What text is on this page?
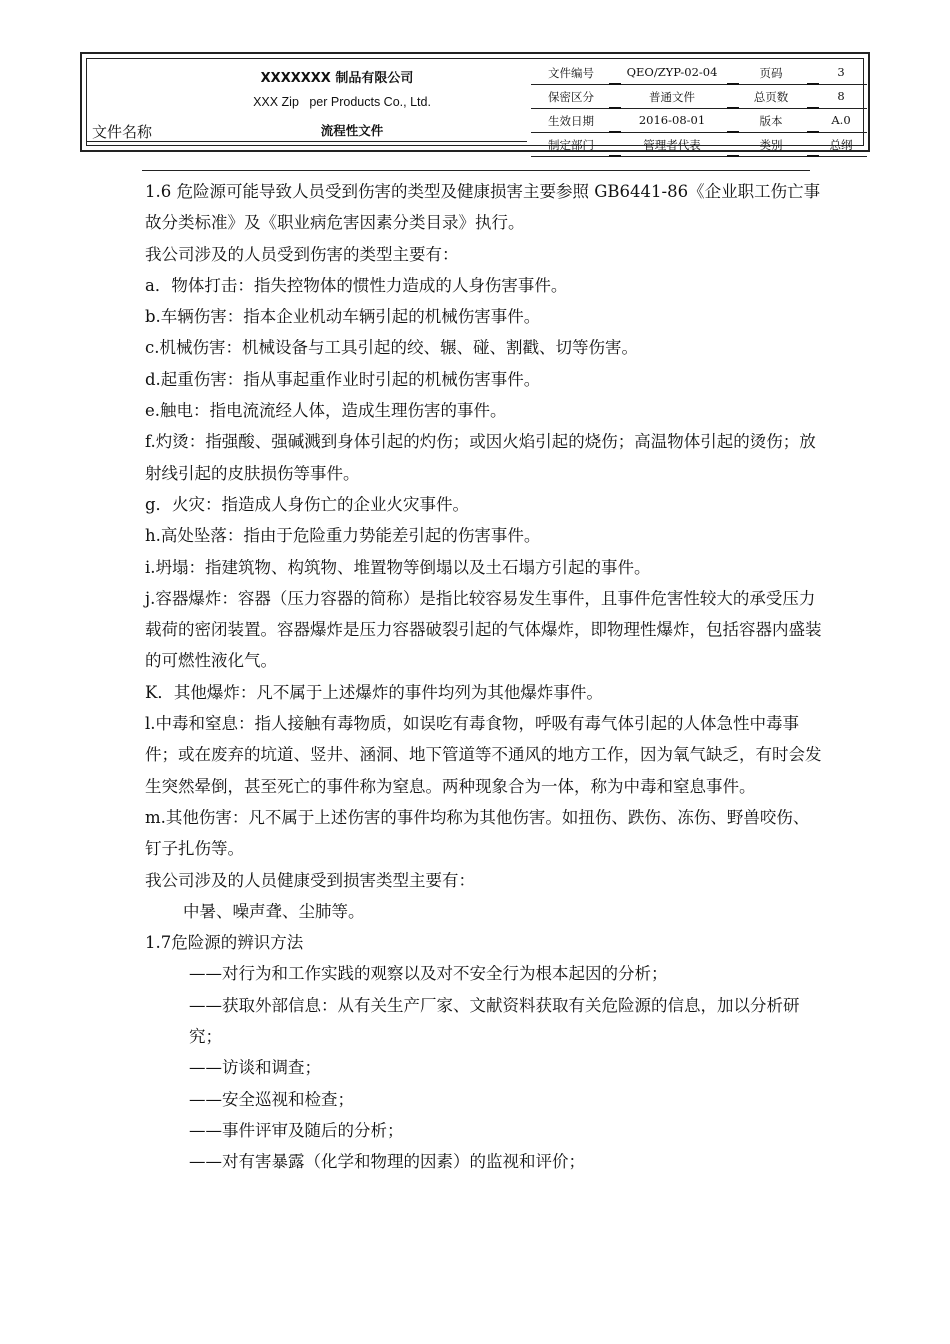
XXXXXXX 制品有限公司
XXX Zip   per Products Co., Ltd.
文件名称	流程性文件
文件编号	QEO/ZYP-02-04	页码	3
保密区分	普通文件	总页数	8
生效日期	2016-08-01	版本	A.0
制定部门	管理者代表	类别	总纲

1.6 危险源可能导致人员受到伤害的类型及健康损害主要参照 GB6441-86《企业职工伤亡事故分类标准》及《职业病危害因素分类目录》执行。

我公司涉及的人员受到伤害的类型主要有：

a．物体打击：指失控物体的惯性力造成的人身伤害事件。

b.车辆伤害：指本企业机动车辆引起的机械伤害事件。

c.机械伤害：机械设备与工具引起的绞、辗、碰、割戳、切等伤害。

d.起重伤害：指从事起重作业时引起的机械伤害事件。

e.触电：指电流流经人体，造成生理伤害的事件。

f.灼烫：指强酸、强碱溅到身体引起的灼伤；或因火焰引起的烧伤；高温物体引起的烫伤；放射线引起的皮肤损伤等事件。

g．火灾：指造成人身伤亡的企业火灾事件。

h.高处坠落：指由于危险重力势能差引起的伤害事件。

i.坍塌：指建筑物、构筑物、堆置物等倒塌以及土石塌方引起的事件。

j.容器爆炸：容器（压力容器的简称）是指比较容易发生事件，且事件危害性较大的承受压力载荷的密闭装置。容器爆炸是压力容器破裂引起的气体爆炸，即物理性爆炸，包括容器内盛装的可燃性液化气。

K．其他爆炸：凡不属于上述爆炸的事件均列为其他爆炸事件。

l.中毒和窒息：指人接触有毒物质，如误吃有毒食物，呼吸有毒气体引起的人体急性中毒事件；或在废弃的坑道、竖井、涵洞、地下管道等不通风的地方工作，因为氧气缺乏，有时会发生突然晕倒，甚至死亡的事件称为窒息。两种现象合为一体，称为中毒和窒息事件。

m.其他伤害：凡不属于上述伤害的事件均称为其他伤害。如扭伤、跌伤、冻伤、野兽咬伤、钉子扎伤等。

我公司涉及的人员健康受到损害类型主要有：

中暑、噪声聋、尘肺等。

1.7危险源的辨识方法

——对行为和工作实践的观察以及对不安全行为根本起因的分析；

——获取外部信息：从有关生产厂家、文献资料获取有关危险源的信息，加以分析研究；

——访谈和调查；

——安全巡视和检查；

——事件评审及随后的分析；

——对有害暴露（化学和物理的因素）的监视和评价；
